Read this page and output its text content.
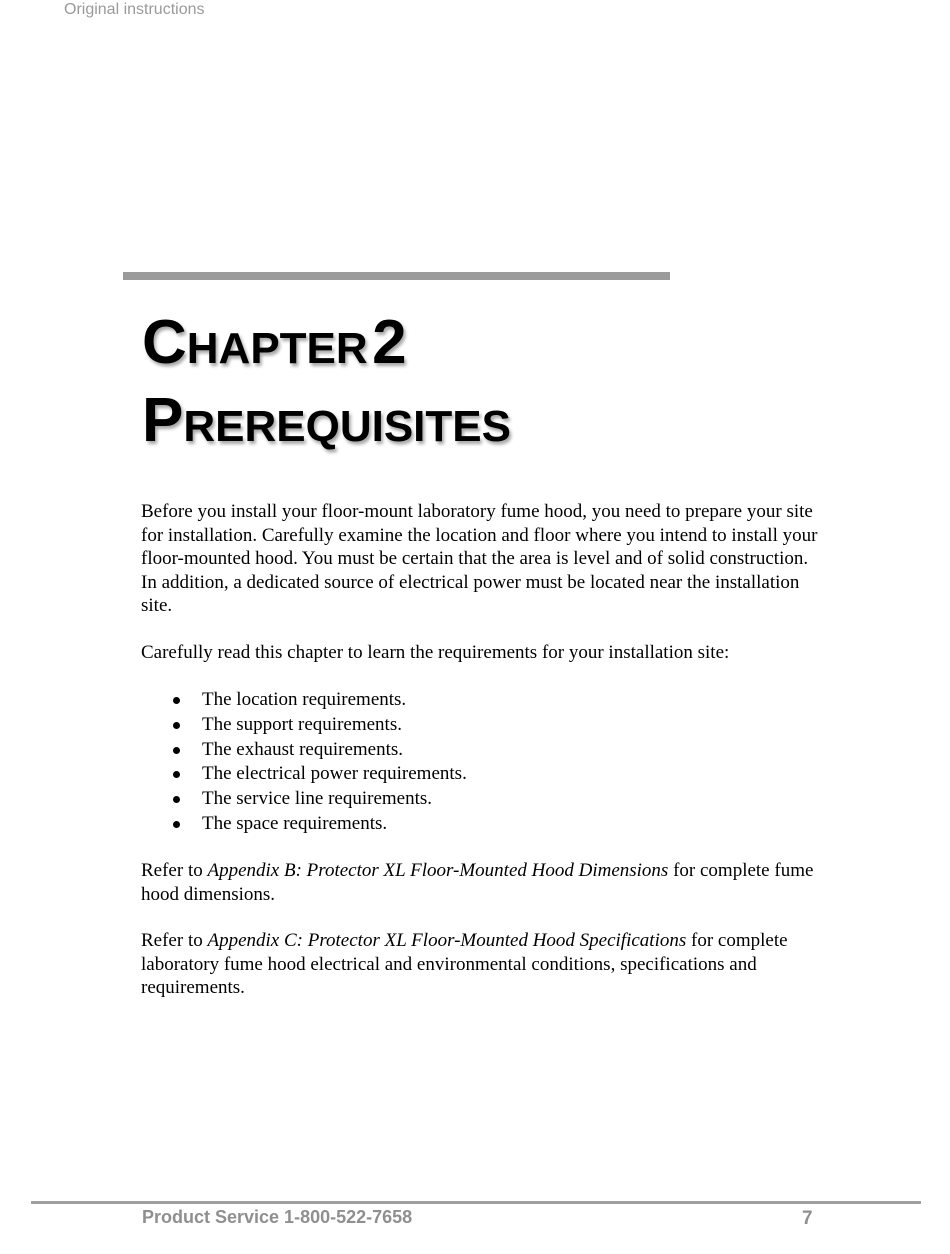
Original instructions
CHAPTER 2
PREREQUISITES
Before you install your floor-mount laboratory fume hood, you need to prepare your site for installation. Carefully examine the location and floor where you intend to install your floor-mounted hood. You must be certain that the area is level and of solid construction. In addition, a dedicated source of electrical power must be located near the installation site.
Carefully read this chapter to learn the requirements for your installation site:
The location requirements.
The support requirements.
The exhaust requirements.
The electrical power requirements.
The service line requirements.
The space requirements.
Refer to Appendix B: Protector XL Floor-Mounted Hood Dimensions for complete fume hood dimensions.
Refer to Appendix C: Protector XL Floor-Mounted Hood Specifications for complete laboratory fume hood electrical and environmental conditions, specifications and requirements.
Product Service 1-800-522-7658	7
